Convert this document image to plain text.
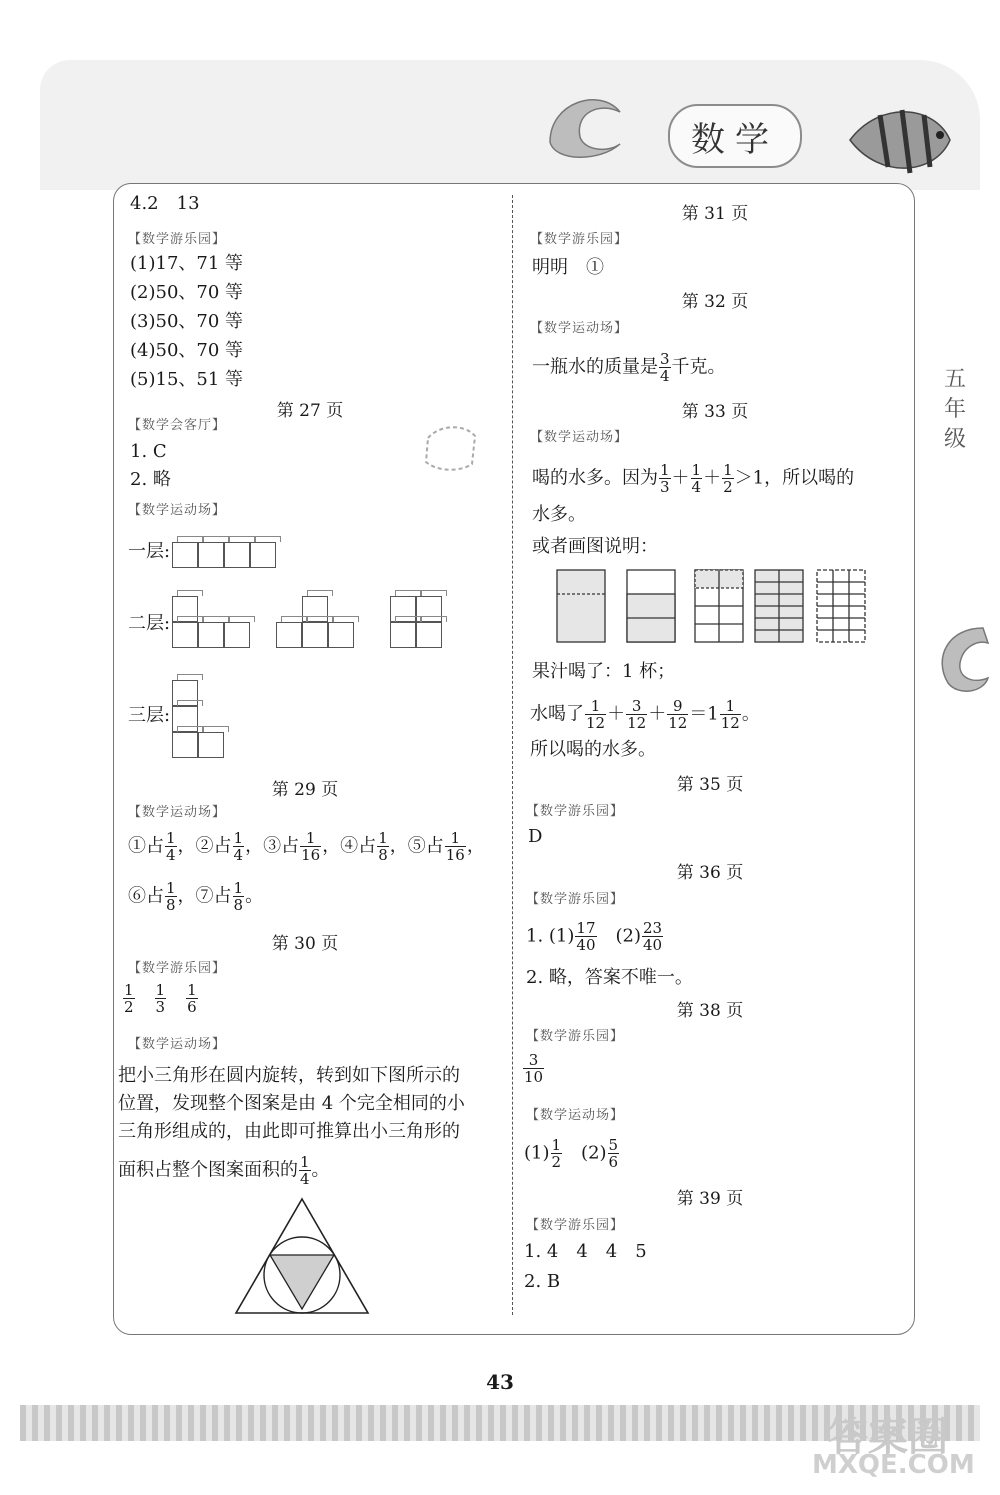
数学
五年级
4.2　13
【数学游乐园】
(1)17、71 等
(2)50、70 等
(3)50、70 等
(4)50、70 等
(5)15、51 等
第 27 页
【数学会客厅】
1. C
2. 略
【数学运动场】
一层:
二层:
三层:
第 29 页
【数学运动场】
①占 $\frac{1}{4}$ ，②占 $\frac{1}{4}$ ，③占 $\frac{1}{16}$ ，④占 $\frac{1}{8}$ ，⑤占 $\frac{1}{16}$ ，
⑥占 $\frac{1}{8}$ ，⑦占 $\frac{1}{8}$ 。
第 30 页
【数学游乐园】
$\frac{1}{2}$
　 $\frac{1}{3}$
　 $\frac{1}{6}$
【数学运动场】
把小三角形在圆内旋转，转到如下图所示的
位置，发现整个图案是由 4 个完全相同的小
三角形组成的，由此即可推算出小三角形的
面积占整个图案面积的 $\frac{1}{4}$ 。
第 31 页
【数学游乐园】
明明　①
第 32 页
【数学运动场】
一瓶水的质量是 $\frac{3}{4}$ 千克。
第 33 页
【数学运动场】
喝的水多。因为 $\frac{1}{3} + \frac{1}{4} + \frac{1}{2} >1$，所以喝的
水多。
或者画图说明：
果汁喝了：1 杯；
水喝了 $\frac{1}{12} + \frac{3}{12} + \frac{9}{12} =1 \frac{1}{12}$ 。
所以喝的水多。
第 35 页
【数学游乐园】
D
第 36 页
【数学游乐园】
1. $(1) \frac{17}{40}$ 　$(2) \frac{23}{40}$
2. 略，答案不唯一。
第 38 页
【数学游乐园】
$\frac{3}{10}$
【数学运动场】
$(1) \frac{1}{2}$ 　$(2) \frac{5}{6}$
第 39 页
【数学游乐园】
1. 4　4　4　5
2. B
43
答案圈
MXQE.COM
